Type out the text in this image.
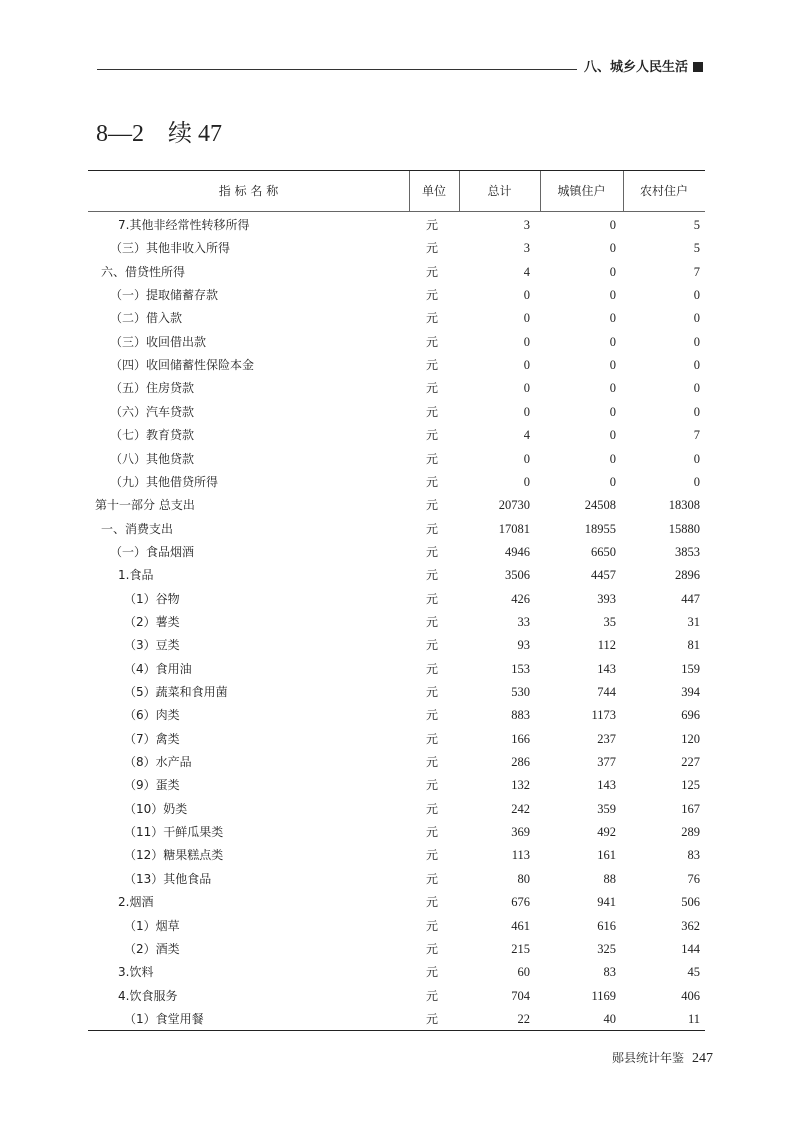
八、城乡人民生活
8—2　续 47
指 标 名 称	单位	总计	城镇住户	农村住户
7.其他非经常性转移所得	元	3	0	5
（三）其他非收入所得	元	3	0	5
六、借贷性所得	元	4	0	7
（一）提取储蓄存款	元	0	0	0
（二）借入款	元	0	0	0
（三）收回借出款	元	0	0	0
（四）收回储蓄性保险本金	元	0	0	0
（五）住房贷款	元	0	0	0
（六）汽车贷款	元	0	0	0
（七）教育贷款	元	4	0	7
（八）其他贷款	元	0	0	0
（九）其他借贷所得	元	0	0	0
第十一部分 总支出	元	20730	24508	18308
一、消费支出	元	17081	18955	15880
（一）食品烟酒	元	4946	6650	3853
1.食品	元	3506	4457	2896
（1）谷物	元	426	393	447
（2）薯类	元	33	35	31
（3）豆类	元	93	112	81
（4）食用油	元	153	143	159
（5）蔬菜和食用菌	元	530	744	394
（6）肉类	元	883	1173	696
（7）禽类	元	166	237	120
（8）水产品	元	286	377	227
（9）蛋类	元	132	143	125
（10）奶类	元	242	359	167
（11）干鲜瓜果类	元	369	492	289
（12）糖果糕点类	元	113	161	83
（13）其他食品	元	80	88	76
2.烟酒	元	676	941	506
（1）烟草	元	461	616	362
（2）酒类	元	215	325	144
3.饮料	元	60	83	45
4.饮食服务	元	704	1169	406
（1）食堂用餐	元	22	40	11
郧县统计年鉴 247
